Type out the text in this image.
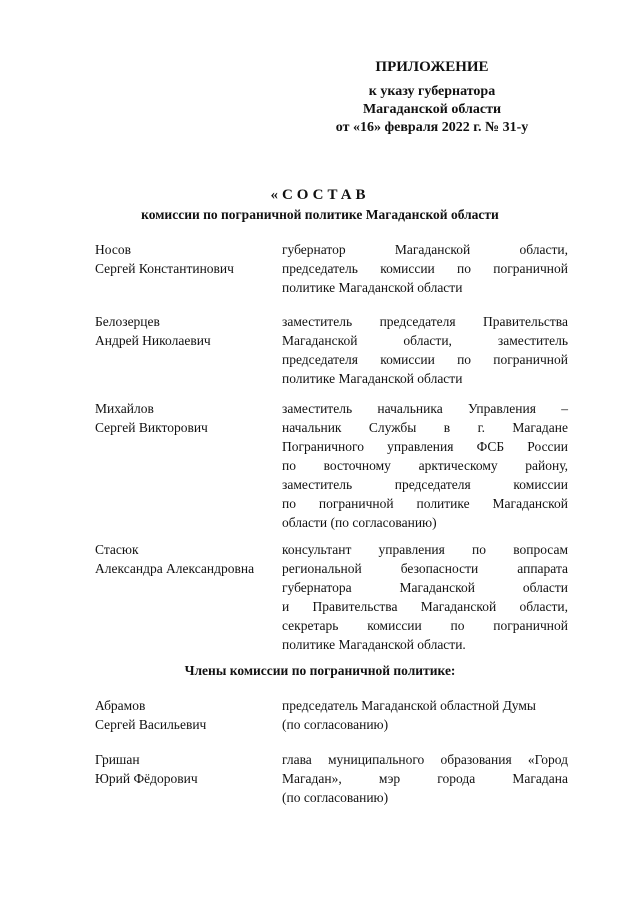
ПРИЛОЖЕНИЕ
к указу губернатора
Магаданской области
от «16» февраля 2022 г. № 31-у
«СОСТАВ
комиссии по пограничной политике Магаданской области
Носов
Сергей Константинович
губернатор Магаданской области,
председатель комиссии по пограничной
политике Магаданской области
Белозерцев
Андрей Николаевич
заместитель председателя Правительства
Магаданской области, заместитель
председателя комиссии по пограничной
политике Магаданской области
Михайлов
Сергей Викторович
заместитель начальника Управления –
начальник Службы в г. Магадане
Пограничного управления ФСБ России
по восточному арктическому району,
заместитель председателя комиссии
по пограничной политике Магаданской
области (по согласованию)
Стасюк
Александра Александровна
консультант управления по вопросам
региональной безопасности аппарата
губернатора Магаданской области
и Правительства Магаданской области,
секретарь комиссии по пограничной
политике Магаданской области.
Члены комиссии по пограничной политике:
Абрамов
Сергей Васильевич
председатель Магаданской областной Думы
(по согласованию)
Гришан
Юрий Фёдорович
глава муниципального образования «Город
Магадан», мэр города Магадана
(по согласованию)
